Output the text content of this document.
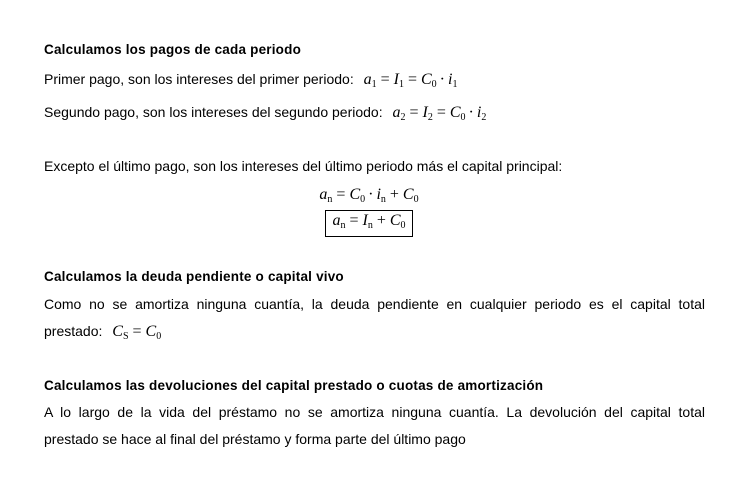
Calculamos los pagos de cada periodo
Primer pago, son los intereses del primer periodo: $a_1 = I_1 = C_0 \cdot i_1$
Segundo pago, son los intereses del segundo periodo: $a_2 = I_2 = C_0 \cdot i_2$
Excepto el último pago, son los intereses del último periodo más el capital principal:
$a_n = C_0 \cdot i_n + C_0$
$a_n = I_n + C_0$
Calculamos la deuda pendiente o capital vivo
Como no se amortiza ninguna cuantía, la deuda pendiente en cualquier periodo es el capital total
prestado: $C_S = C_0$
Calculamos las devoluciones del capital prestado o cuotas de amortización
A lo largo de la vida del préstamo no se amortiza ninguna cuantía. La devolución del capital total
prestado se hace al final del préstamo y forma parte del último pago
